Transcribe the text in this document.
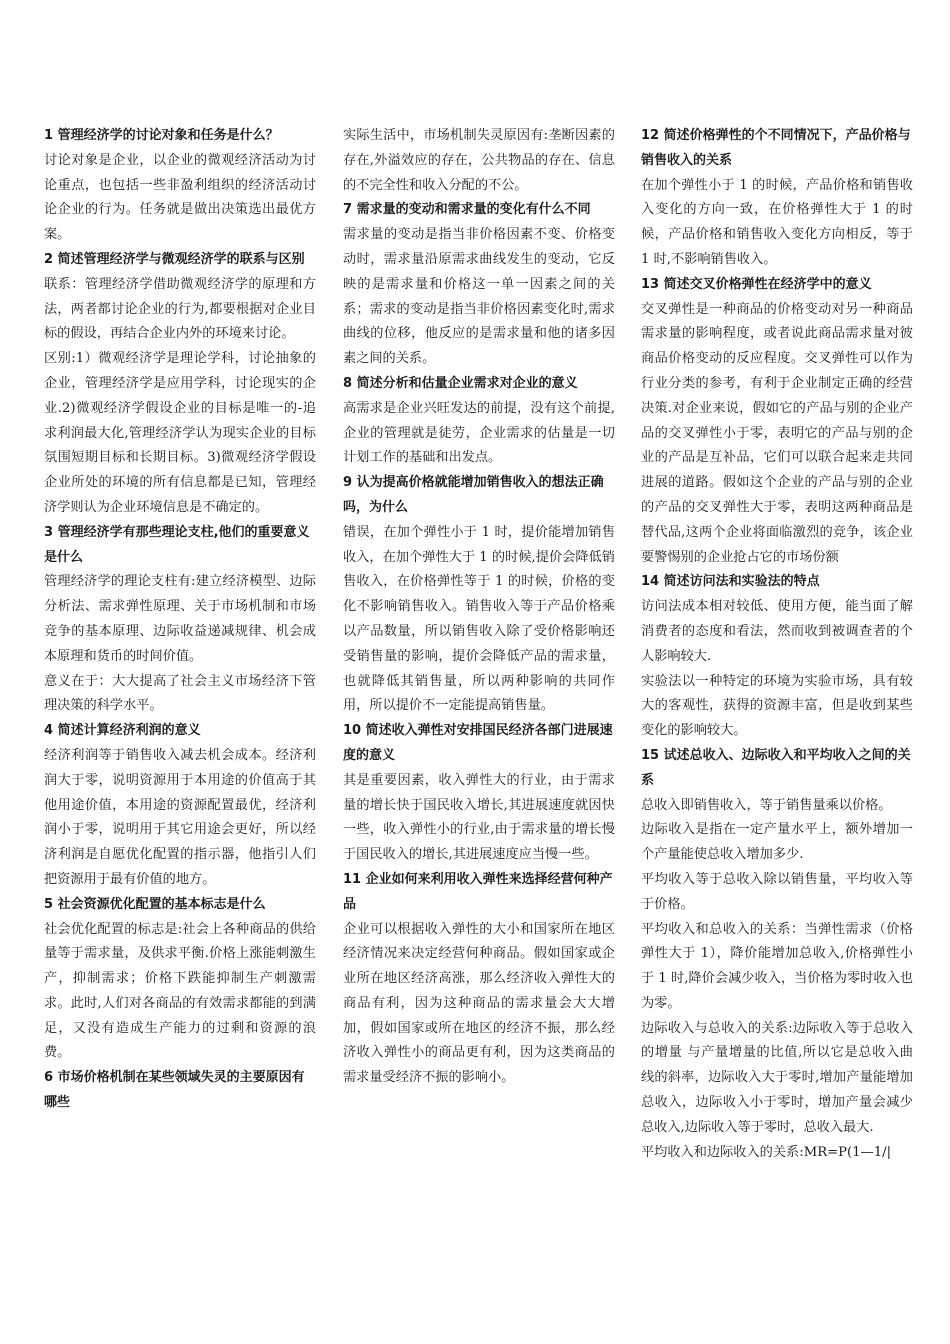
1 管理经济学的讨论对象和任务是什么？

讨论对象是企业，以企业的微观经济活动为讨论重点，也包括一些非盈利组织的经济活动讨论企业的行为。任务就是做出决策选出最优方案。

2 简述管理经济学与微观经济学的联系与区别

联系：管理经济学借助微观经济学的原理和方法，两者都讨论企业的行为,都要根据对企业目标的假设，再结合企业内外的环境来讨论。

区别:1）微观经济学是理论学科，讨论抽象的企业，管理经济学是应用学科，讨论现实的企业.2)微观经济学假设企业的目标是唯一的-追求利润最大化,管理经济学认为现实企业的目标氛围短期目标和长期目标。3)微观经济学假设企业所处的环境的所有信息都是已知，管理经济学则认为企业环境信息是不确定的。

3 管理经济学有那些理论支柱,他们的重要意义是什么

管理经济学的理论支柱有:建立经济模型、边际分析法、需求弹性原理、关于市场机制和市场竞争的基本原理、边际收益递减规律、机会成本原理和货币的时间价值。

意义在于：大大提高了社会主义市场经济下管理决策的科学水平。

4 简述计算经济利润的意义

经济利润等于销售收入减去机会成本。经济利润大于零，说明资源用于本用途的价值高于其他用途价值，本用途的资源配置最优，经济利润小于零，说明用于其它用途会更好，所以经济利润是自愿优化配置的指示器，他指引人们把资源用于最有价值的地方。

5 社会资源优化配置的基本标志是什么

社会优化配置的标志是:社会上各种商品的供给量等于需求量，及供求平衡.价格上涨能刺激生产，抑制需求；价格下跌能抑制生产刺激需求。此时,人们对各商品的有效需求都能的到满足，又没有造成生产能力的过剩和资源的浪费。

6 市场价格机制在某些领域失灵的主要原因有哪些

实际生活中，市场机制失灵原因有:垄断因素的存在,外溢效应的存在，公共物品的存在、信息的不完全性和收入分配的不公。

7 需求量的变动和需求量的变化有什么不同

需求量的变动是指当非价格因素不变、价格变动时，需求量沿原需求曲线发生的变动，它反映的是需求量和价格这一单一因素之间的关系；需求的变动是指当非价格因素变化时,需求曲线的位移，他反应的是需求量和他的诸多因素之间的关系。

8 简述分析和估量企业需求对企业的意义

高需求是企业兴旺发达的前提，没有这个前提,企业的管理就是徒劳，企业需求的估量是一切计划工作的基础和出发点。

9 认为提高价格就能增加销售收入的想法正确吗，为什么

错误，在加个弹性小于 1 时，提价能增加销售收入，在加个弹性大于 1 的时候,提价会降低销售收入，在价格弹性等于 1 的时候，价格的变化不影响销售收入。销售收入等于产品价格乘以产品数量，所以销售收入除了受价格影响还受销售量的影响，提价会降低产品的需求量，也就降低其销售量，所以两种影响的共同作用，所以提价不一定能提高销售量。

10 简述收入弹性对安排国民经济各部门进展速度的意义

其是重要因素，收入弹性大的行业，由于需求量的增长快于国民收入增长,其进展速度就因快一些，收入弹性小的行业,由于需求量的增长慢于国民收入的增长,其进展速度应当慢一些。

11 企业如何来利用收入弹性来选择经营何种产品

企业可以根据收入弹性的大小和国家所在地区经济情况来决定经营何种商品。假如国家或企业所在地区经济高涨，那么经济收入弹性大的商品有利，因为这种商品的需求量会大大增加，假如国家或所在地区的经济不振，那么经济收入弹性小的商品更有利，因为这类商品的需求量受经济不振的影响小。

12 简述价格弹性的个不同情况下，产品价格与销售收入的关系

在加个弹性小于 1 的时候，产品价格和销售收入变化的方向一致，在价格弹性大于 1 的时候，产品价格和销售收入变化方向相反，等于 1 时,不影响销售收入。

13 简述交叉价格弹性在经济学中的意义

交叉弹性是一种商品的价格变动对另一种商品需求量的影响程度，或者说此商品需求量对彼商品价格变动的反应程度。交叉弹性可以作为行业分类的参考，有利于企业制定正确的经营决策.对企业来说，假如它的产品与别的企业产品的交叉弹性小于零，表明它的产品与别的企业的产品是互补品，它们可以联合起来走共同进展的道路。假如这个企业的产品与别的企业的产品的交叉弹性大于零，表明这两种商品是替代品,这两个企业将面临激烈的竞争，该企业要警惕别的企业抢占它的市场份额

14 简述访问法和实验法的特点

访问法成本相对较低、使用方便，能当面了解消费者的态度和看法，然而收到被调查者的个人影响较大.

实验法以一种特定的环境为实验市场，具有较大的客观性，获得的资源丰富，但是收到某些变化的影响较大。

15 试述总收入、边际收入和平均收入之间的关系

总收入即销售收入，等于销售量乘以价格。

边际收入是指在一定产量水平上，额外增加一个产量能使总收入增加多少.

平均收入等于总收入除以销售量，平均收入等于价格。

平均收入和总收入的关系：当弹性需求（价格弹性大于 1），降价能增加总收入,价格弹性小于 1 时,降价会减少收入，当价格为零时收入也为零。

边际收入与总收入的关系:边际收入等于总收入的增量 与产量增量的比值,所以它是总收入曲线的斜率，边际收入大于零时,增加产量能增加总收入，边际收入小于零时，增加产量会减少总收入,边际收入等于零时，总收入最大.

平均收入和边际收入的关系:MR=P(1—1/|
